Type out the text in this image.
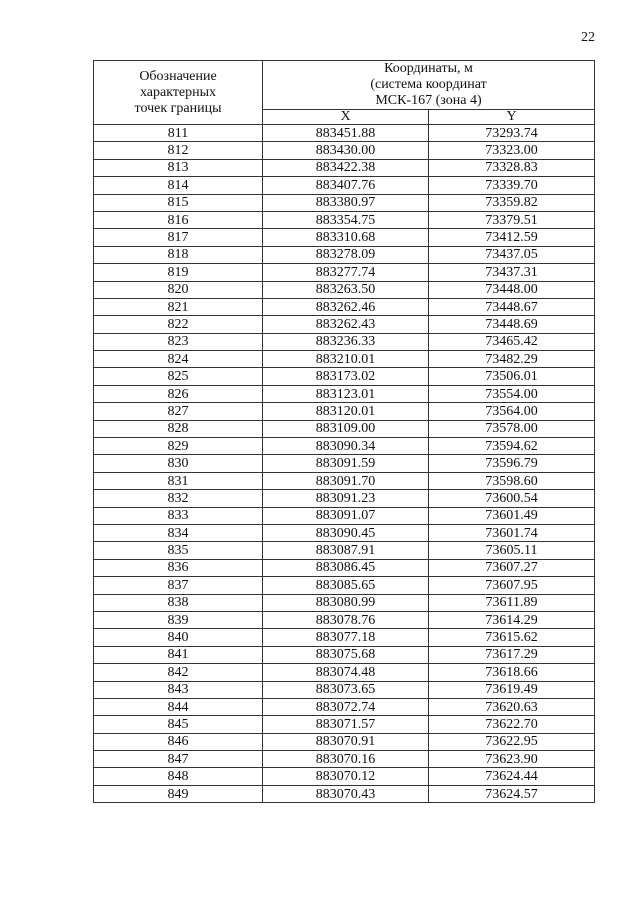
22
Обозначение
характерных
точек границы	Координаты, м
(система координат
МСК-167 (зона 4)	
	X	Y
811	883451.88	73293.74
812	883430.00	73323.00
813	883422.38	73328.83
814	883407.76	73339.70
815	883380.97	73359.82
816	883354.75	73379.51
817	883310.68	73412.59
818	883278.09	73437.05
819	883277.74	73437.31
820	883263.50	73448.00
821	883262.46	73448.67
822	883262.43	73448.69
823	883236.33	73465.42
824	883210.01	73482.29
825	883173.02	73506.01
826	883123.01	73554.00
827	883120.01	73564.00
828	883109.00	73578.00
829	883090.34	73594.62
830	883091.59	73596.79
831	883091.70	73598.60
832	883091.23	73600.54
833	883091.07	73601.49
834	883090.45	73601.74
835	883087.91	73605.11
836	883086.45	73607.27
837	883085.65	73607.95
838	883080.99	73611.89
839	883078.76	73614.29
840	883077.18	73615.62
841	883075.68	73617.29
842	883074.48	73618.66
843	883073.65	73619.49
844	883072.74	73620.63
845	883071.57	73622.70
846	883070.91	73622.95
847	883070.16	73623.90
848	883070.12	73624.44
849	883070.43	73624.57
